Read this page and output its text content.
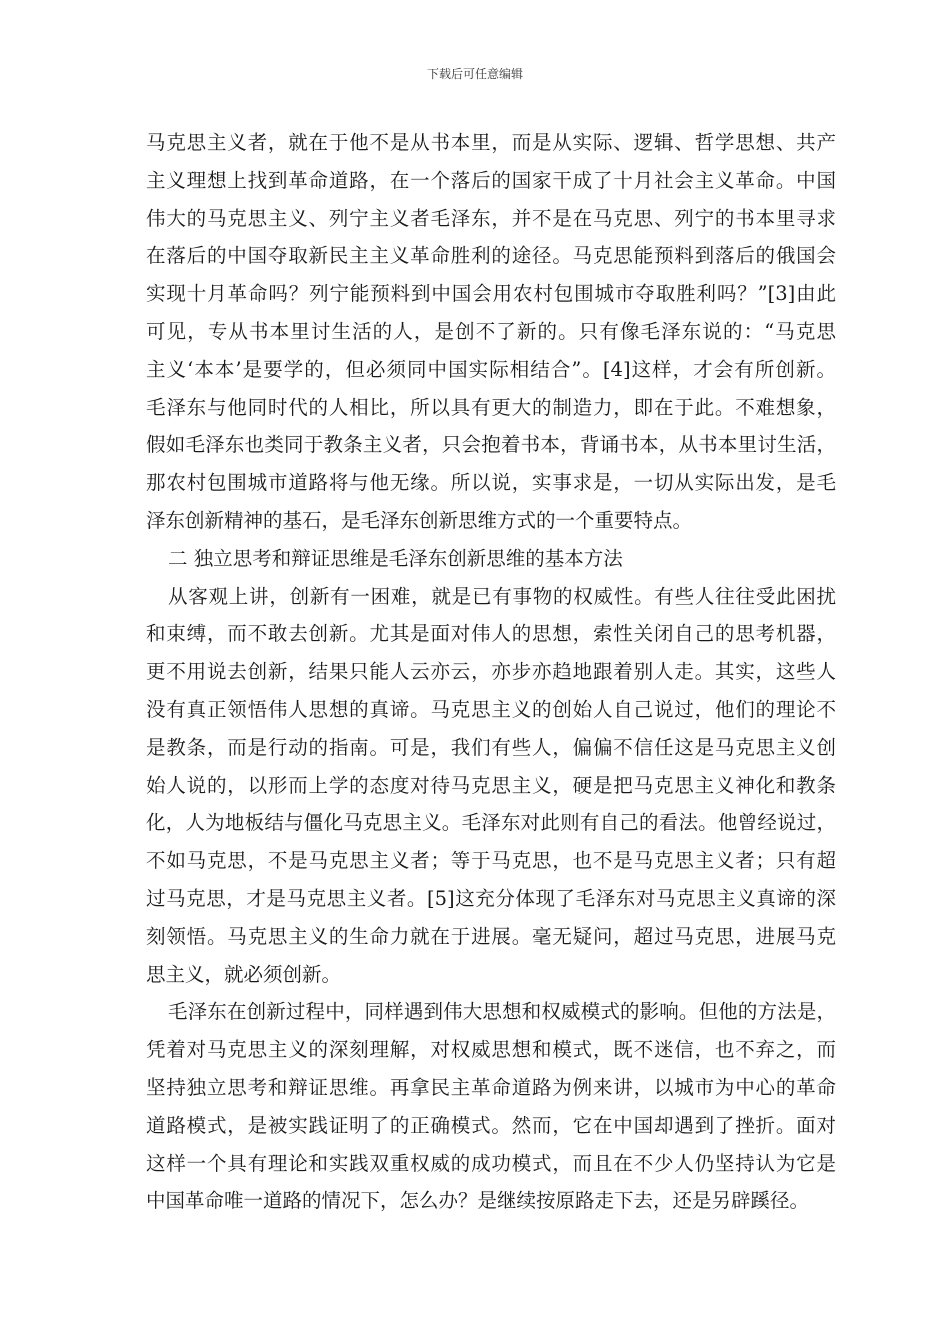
下载后可任意编辑
马克思主义者，就在于他不是从书本里，而是从实际、逻辑、哲学思想、共产
主义理想上找到革命道路，在一个落后的国家干成了十月社会主义革命。中国
伟大的马克思主义、列宁主义者毛泽东，并不是在马克思、列宁的书本里寻求
在落后的中国夺取新民主主义革命胜利的途径。马克思能预料到落后的俄国会
实现十月革命吗？列宁能预料到中国会用农村包围城市夺取胜利吗？”[3]由此
可见，专从书本里讨生活的人，是创不了新的。只有像毛泽东说的：“马克思
主义‘本本’是要学的，但必须同中国实际相结合”。[4]这样，才会有所创新。
毛泽东与他同时代的人相比，所以具有更大的制造力，即在于此。不难想象，
假如毛泽东也类同于教条主义者，只会抱着书本，背诵书本，从书本里讨生活，
那农村包围城市道路将与他无缘。所以说，实事求是，一切从实际出发，是毛
泽东创新精神的基石，是毛泽东创新思维方式的一个重要特点。
二 独立思考和辩证思维是毛泽东创新思维的基本方法
从客观上讲，创新有一困难，就是已有事物的权威性。有些人往往受此困扰
和束缚，而不敢去创新。尤其是面对伟人的思想，索性关闭自己的思考机器，
更不用说去创新，结果只能人云亦云，亦步亦趋地跟着别人走。其实，这些人
没有真正领悟伟人思想的真谛。马克思主义的创始人自己说过，他们的理论不
是教条，而是行动的指南。可是，我们有些人，偏偏不信任这是马克思主义创
始人说的，以形而上学的态度对待马克思主义，硬是把马克思主义神化和教条
化，人为地板结与僵化马克思主义。毛泽东对此则有自己的看法。他曾经说过，
不如马克思，不是马克思主义者；等于马克思，也不是马克思主义者；只有超
过马克思，才是马克思主义者。[5]这充分体现了毛泽东对马克思主义真谛的深
刻领悟。马克思主义的生命力就在于进展。毫无疑问，超过马克思，进展马克
思主义，就必须创新。
毛泽东在创新过程中，同样遇到伟大思想和权威模式的影响。但他的方法是，
凭着对马克思主义的深刻理解，对权威思想和模式，既不迷信，也不弃之，而
坚持独立思考和辩证思维。再拿民主革命道路为例来讲，以城市为中心的革命
道路模式，是被实践证明了的正确模式。然而，它在中国却遇到了挫折。面对
这样一个具有理论和实践双重权威的成功模式，而且在不少人仍坚持认为它是
中国革命唯一道路的情况下，怎么办？是继续按原路走下去，还是另辟蹊径。
